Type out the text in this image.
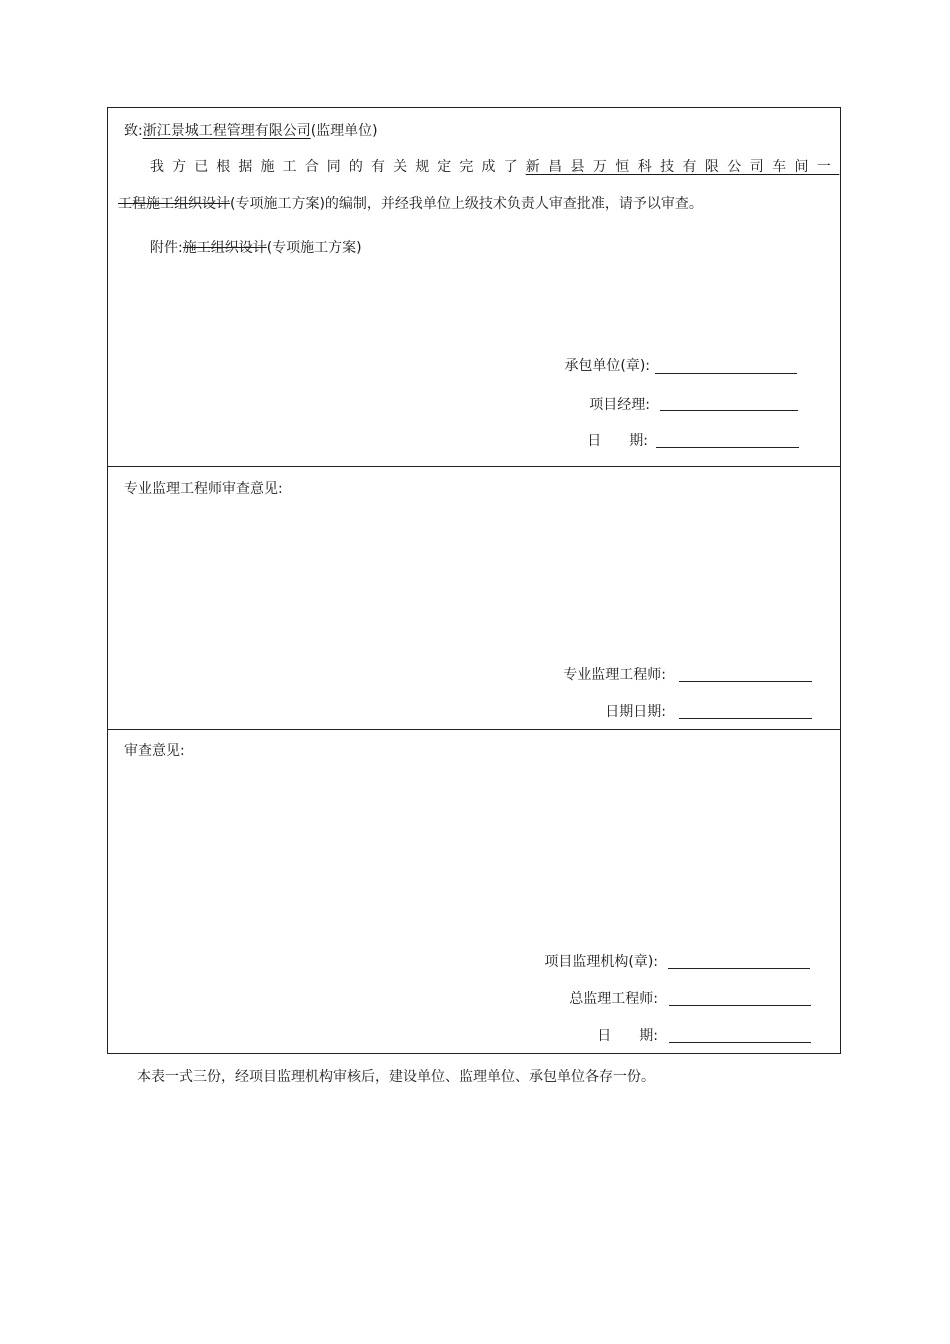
致:浙江景城工程管理有限公司(监理单位)
我方已根据施工合同的有关规定完成了 新昌县万恒科技有限公司车间一
工程施工组织设计(专项施工方案)的编制，并经我单位上级技术负责人审查批准，请予以审查。
附件:施工组织设计(专项施工方案)
承包单位(章):
项目经理:
日　　期:
专业监理工程师审查意见:
专业监理工程师:
日期日期:
审查意见:
项目监理机构(章):
总监理工程师:
日　　期:
本表一式三份，经项目监理机构审核后，建设单位、监理单位、承包单位各存一份。
